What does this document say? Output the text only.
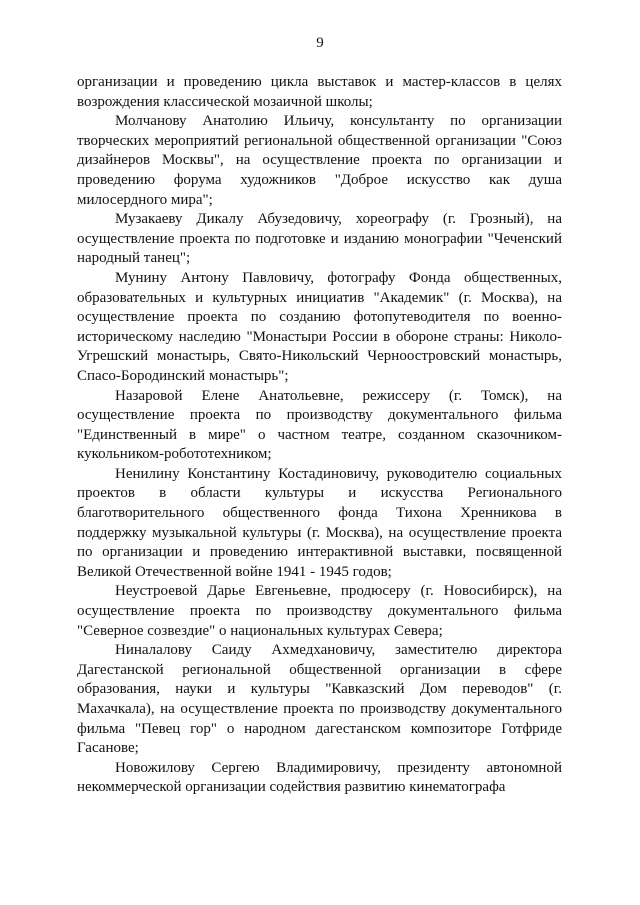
9

организации и проведению цикла выставок и мастер-классов в целях возрождения классической мозаичной школы;

Молчанову Анатолию Ильичу, консультанту по организации творческих мероприятий региональной общественной организации "Союз дизайнеров Москвы", на осуществление проекта по организации и проведению форума художников "Доброе искусство как душа милосердного мира";

Музакаеву Дикалу Абузедовичу, хореографу (г. Грозный), на осуществление проекта по подготовке и изданию монографии "Чеченский народный танец";

Мунину Антону Павловичу, фотографу Фонда общественных, образовательных и культурных инициатив "Академик" (г. Москва), на осуществление проекта по созданию фотопутеводителя по военно-историческому наследию "Монастыри России в обороне страны: Николо-Угрешский монастырь, Свято-Никольский Черноостровский монастырь, Спасо-Бородинский монастырь";

Назаровой Елене Анатольевне, режиссеру (г. Томск), на осуществление проекта по производству документального фильма "Единственный в мире" о частном театре, созданном сказочником-кукольником-робототехником;

Ненилину Константину Костадиновичу, руководителю социальных проектов в области культуры и искусства Регионального благотворительного общественного фонда Тихона Хренникова в поддержку музыкальной культуры (г. Москва), на осуществление проекта по организации и проведению интерактивной выставки, посвященной Великой Отечественной войне 1941 - 1945 годов;

Неустроевой Дарье Евгеньевне, продюсеру (г. Новосибирск), на осуществление проекта по производству документального фильма "Северное созвездие" о национальных культурах Севера;

Ниналалову Саиду Ахмедхановичу, заместителю директора Дагестанской региональной общественной организации в сфере образования, науки и культуры "Кавказский Дом переводов" (г. Махачкала), на осуществление проекта по производству документального фильма "Певец гор" о народном дагестанском композиторе Готфриде Гасанове;

Новожилову Сергею Владимировичу, президенту автономной некоммерческой организации содействия развитию кинематографа
